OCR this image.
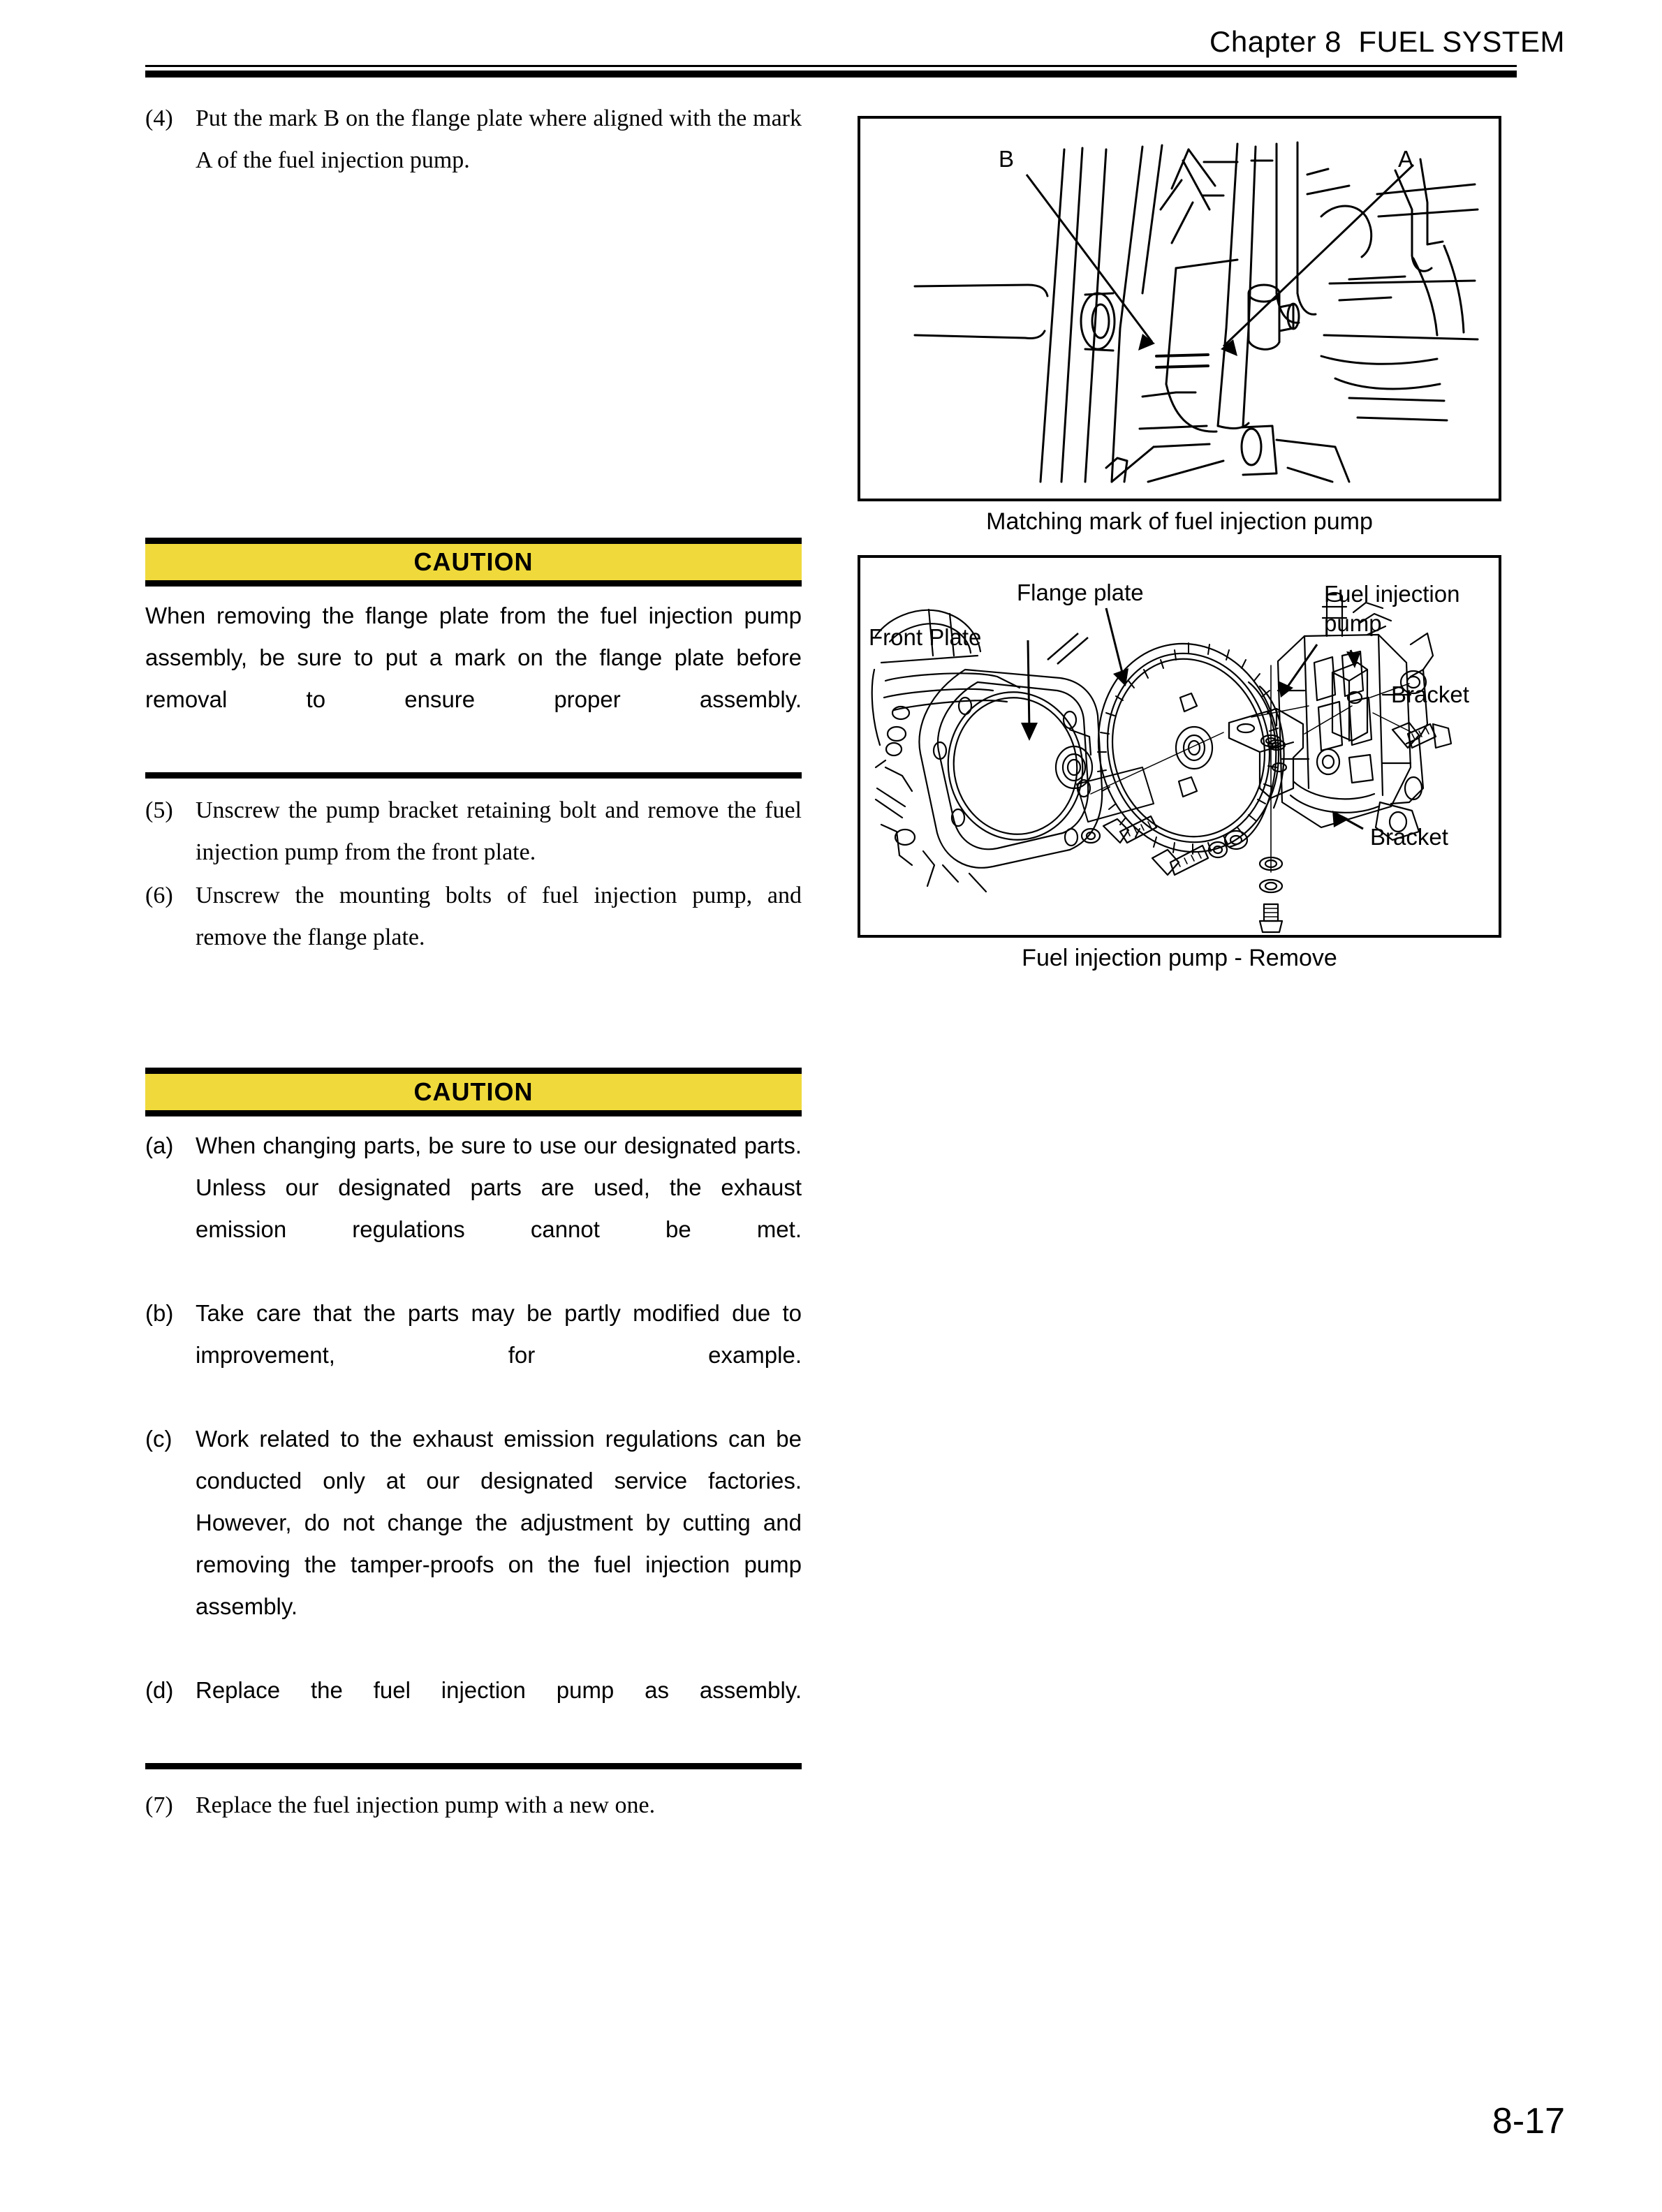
Chapter 8  FUEL SYSTEM
(4) Put the mark B on the flange plate where aligned with the mark A of the fuel injection pump.
CAUTION
When removing the flange plate from the fuel injection pump assembly, be sure to put a mark on the flange plate before removal to ensure proper assembly.
(5) Unscrew the pump bracket retaining bolt and remove the fuel injection pump from the front plate.
(6) Unscrew the mounting bolts of fuel injection pump, and remove the flange plate.
CAUTION
(a) When changing parts, be sure to use our designated parts. Unless our designated parts are used, the exhaust emission regulations cannot be met.
(b) Take care that the parts may be partly modified due to improvement, for example.
(c)	Work related to the exhaust emission regulations can be conducted only at our designated service factories. However, do not change the adjustment by cutting and removing the tamper-proofs on the fuel injection pump assembly.
(d) Replace the fuel injection pump as assembly.
(7) Replace the fuel injection pump with a new one.
B	A
Matching mark of fuel injection pump
Flange plate
Front Plate
Fuel injection
pump
Bracket
Bracket
Fuel injection pump - Remove
8-17
